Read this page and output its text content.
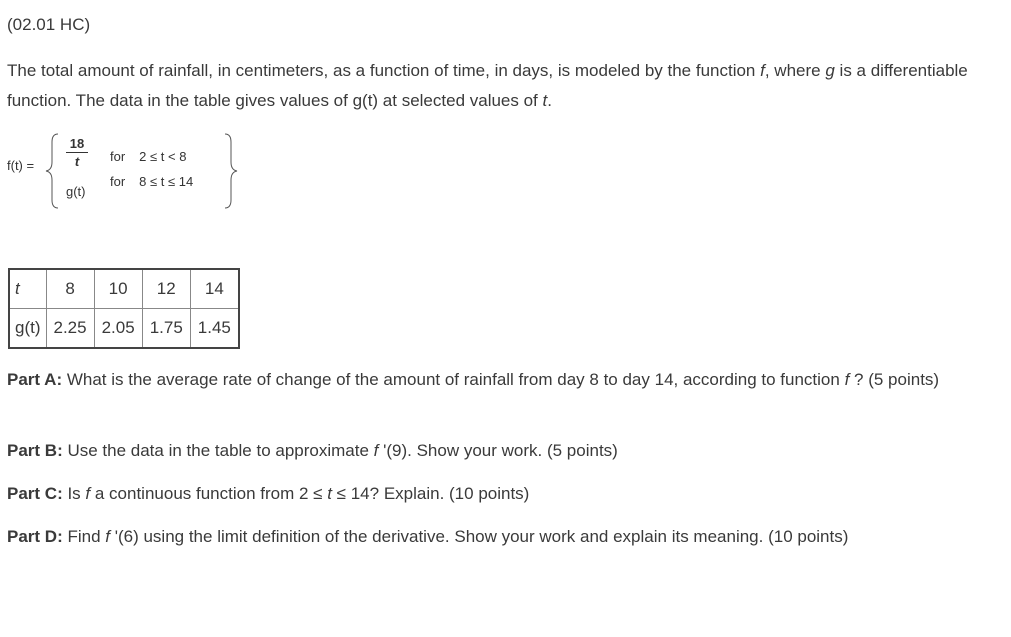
(02.01 HC)
The total amount of rainfall, in centimeters, as a function of time, in days, is modeled by the function f, where g is a differentiable function. The data in the table gives values of g(t) at selected values of t.
f(t) =
18
t
g(t)
for 2 ≤ t < 8
for 8 ≤ t ≤ 14
t	8	10	12	14
g(t)	2.25	2.05	1.75	1.45
Part A: What is the average rate of change of the amount of rainfall from day 8 to day 14, according to function f ? (5 points)
Part B: Use the data in the table to approximate f '(9). Show your work. (5 points)
Part C: Is f a continuous function from 2 ≤ t ≤ 14? Explain. (10 points)
Part D: Find f '(6) using the limit definition of the derivative. Show your work and explain its meaning. (10 points)
